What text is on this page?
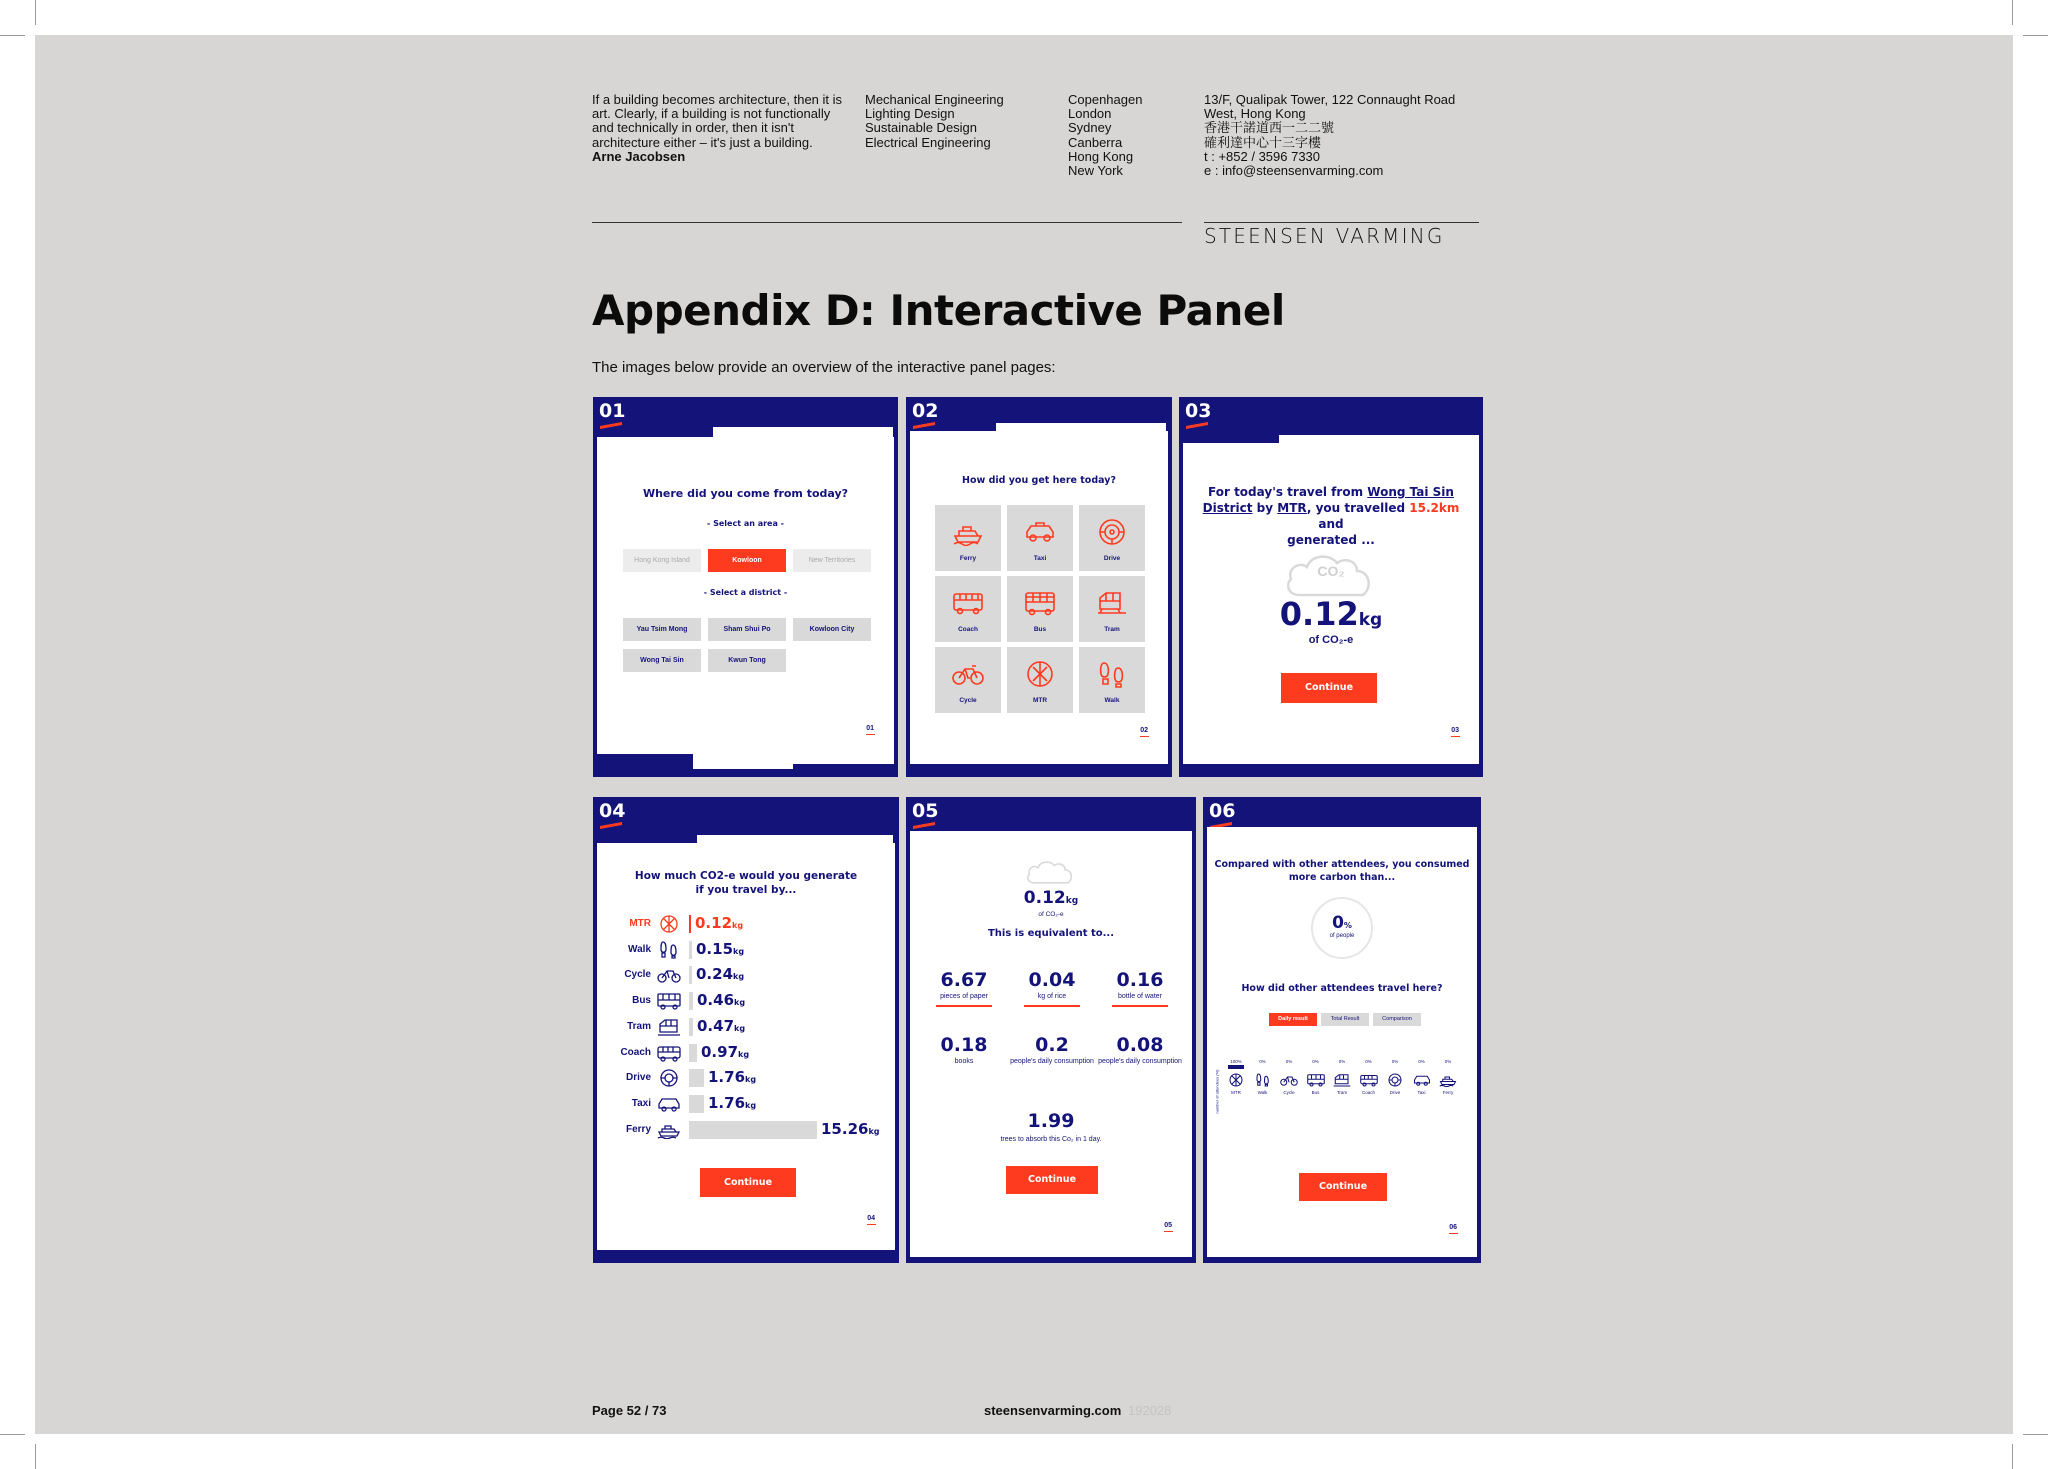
If a building becomes architecture, then it is
art. Clearly, if a building is not functionally
and technically in order, then it isn't
architecture either – it's just a building.
Arne Jacobsen
Mechanical Engineering
Lighting Design
Sustainable Design
Electrical Engineering
Copenhagen
London
Sydney
Canberra
Hong Kong
New York
13/F, Qualipak Tower, 122 Connaught Road
West, Hong Kong
香港干諾道西一二二號
確利達中心十三字樓
t : +852 / 3596 7330
e : info@steensenvarming.com
STEENSEN VARMING
Appendix D: Interactive Panel
The images below provide an overview of the interactive panel pages:
01
Where did you come from today?
- Select an area -
Hong Kong Island	Kowloon	New Territories
- Select a district -
Yau Tsim Mong	Sham Shui Po	Kowloon City
Wong Tai Sin	Kwun Tong
01
02
How did you get here today?
Ferry	Taxi	Drive
Coach	Bus	Tram
Cycle	MTR	Walk
02
03
For today's travel from Wong Tai Sin
District by MTR, you travelled 15.2km and
generated ...
CO₂
0.12kg
of CO₂-e
Continue
03
04
How much CO2-e would you generate
if you travel by...
MTR	0.12kg
Walk	0.15kg
Cycle	0.24kg
Bus	0.46kg
Tram	0.47kg
Coach	0.97kg
Drive	1.76kg
Taxi	1.76kg
Ferry	15.26kg
Continue
04
05
0.12kg
of CO₂-e
This is equivalent to...
6.67
pieces of paper
0.04
kg of rice
0.16
bottle of water
0.18
books
0.2
people's daily consumption
0.08
people's daily consumption
1.99
trees to absorb this Co₂ in 1 day.
Continue
05
06
Compared with other attendees, you consumed
more carbon than...
0%
of people
How did other attendees travel here?
Daily result	Total Result	Comparison
number of attendees (%)
100%
MTR
0%
Walk
0%
Cycle
0%
Bus
0%
Tram
0%
Coach
0%
Drive
0%
Taxi
0%
Ferry
Continue
06
Page 52 / 73	steensenvarming.com 192028
